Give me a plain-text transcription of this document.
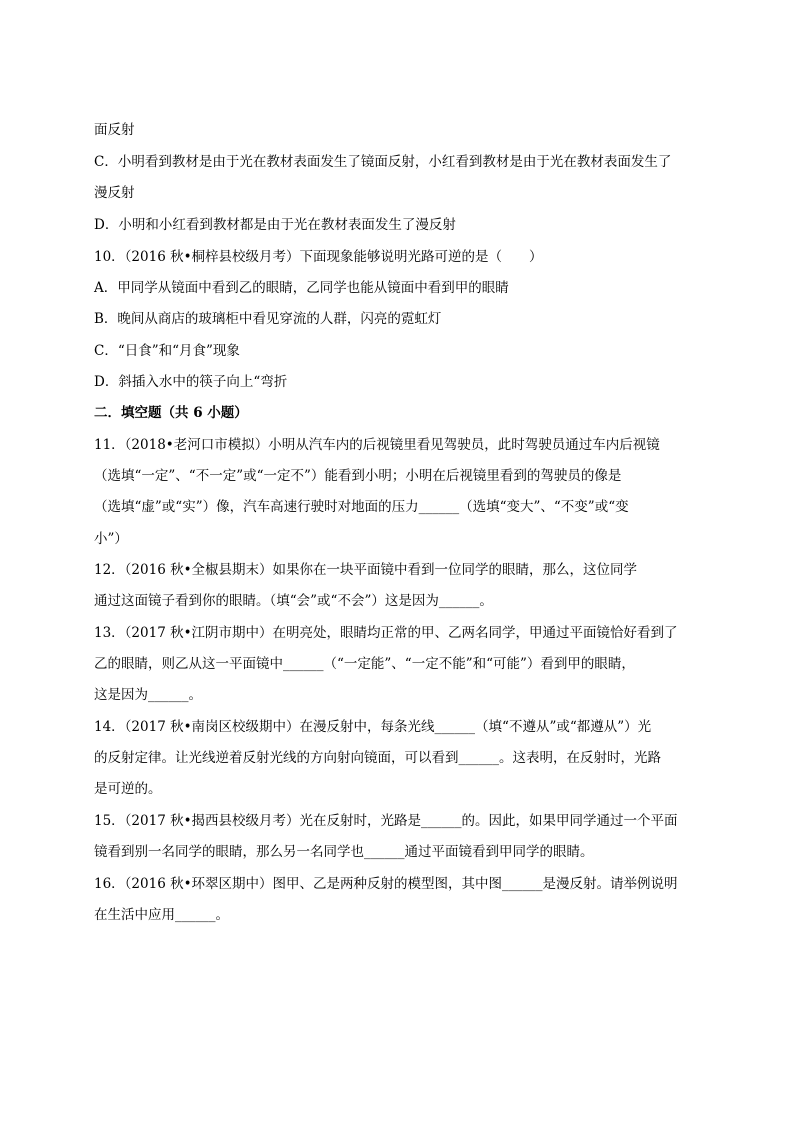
面反射
C．小明看到教材是由于光在教材表面发生了镜面反射，小红看到教材是由于光在教材表面发生了
漫反射
D．小明和小红看到教材都是由于光在教材表面发生了漫反射
10．（2016 秋•桐梓县校级月考）下面现象能够说明光路可逆的是（　　）
A．甲同学从镜面中看到乙的眼睛，乙同学也能从镜面中看到甲的眼睛
B．晚间从商店的玻璃柜中看见穿流的人群，闪亮的霓虹灯
C．“日食”和“月食”现象
D．斜插入水中的筷子向上“弯折
二．填空题（共 6 小题）
11．（2018•老河口市模拟）小明从汽车内的后视镜里看见驾驶员，此时驾驶员通过车内后视镜
（选填“一定”、“不一定”或“一定不”）能看到小明；小明在后视镜里看到的驾驶员的像是
（选填“虚”或“实”）像，汽车高速行驶时对地面的压力______（选填“变大”、“不变”或“变
小”）
12．（2016 秋•全椒县期末）如果你在一块平面镜中看到一位同学的眼睛，那么，这位同学
通过这面镜子看到你的眼睛。（填“会”或“不会”）这是因为______。
13．（2017 秋•江阴市期中）在明亮处，眼睛均正常的甲、乙两名同学，甲通过平面镜恰好看到了
乙的眼睛，则乙从这一平面镜中______（“一定能”、“一定不能”和“可能”）看到甲的眼睛，
这是因为______。
14．（2017 秋•南岗区校级期中）在漫反射中，每条光线______（填“不遵从”或“都遵从”）光
的反射定律。让光线逆着反射光线的方向射向镜面，可以看到______。这表明，在反射时，光路
是可逆的。
15．（2017 秋•揭西县校级月考）光在反射时，光路是______的。因此，如果甲同学通过一个平面
镜看到别一名同学的眼睛，那么另一名同学也______通过平面镜看到甲同学的眼睛。
16．（2016 秋•环翠区期中）图甲、乙是两种反射的模型图，其中图______是漫反射。请举例说明
在生活中应用______。
